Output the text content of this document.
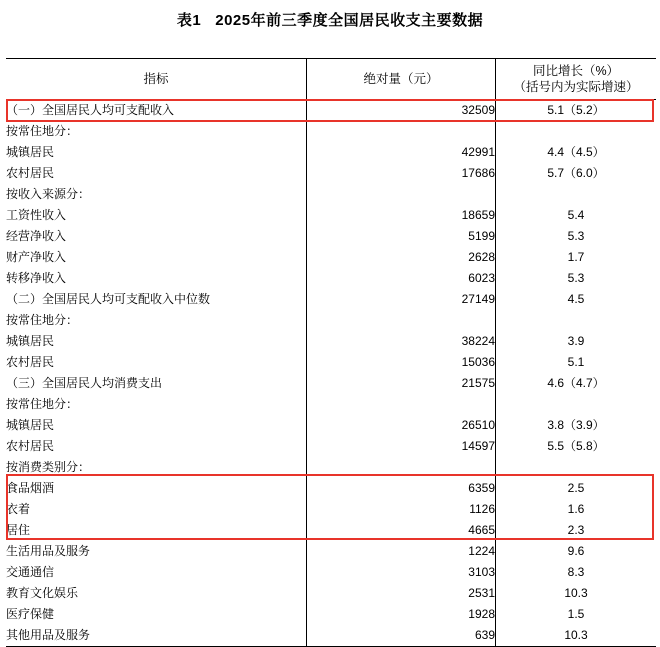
表1 2025年前三季度全国居民收支主要数据
指标	绝对量（元）	同比增长（%）
（括号内为实际增速）

（一）全国居民人均可支配收入	32509	5.1（5.2）
按常住地分：		
城镇居民	42991	4.4（4.5）
农村居民	17686	5.7（6.0）
按收入来源分：		
工资性收入	18659	5.4
经营净收入	5199	5.3
财产净收入	2628	1.7
转移净收入	6023	5.3
（二）全国居民人均可支配收入中位数	27149	4.5
按常住地分：		
城镇居民	38224	3.9
农村居民	15036	5.1
（三）全国居民人均消费支出	21575	4.6（4.7）
按常住地分：		
城镇居民	26510	3.8（3.9）
农村居民	14597	5.5（5.8）
按消费类别分：		
食品烟酒	6359	2.5
衣着	1126	1.6
居住	4665	2.3
生活用品及服务	1224	9.6
交通通信	3103	8.3
教育文化娱乐	2531	10.3
医疗保健	1928	1.5
其他用品及服务	639	10.3
